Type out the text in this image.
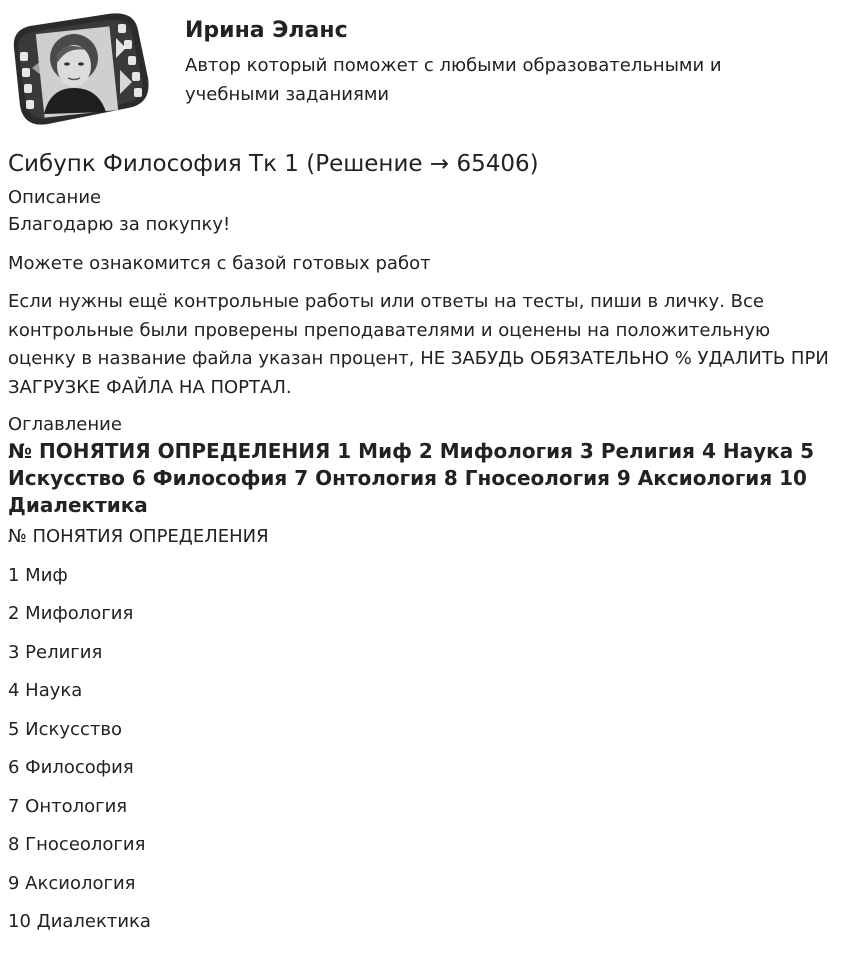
Ирина Эланс
Автор который поможет с любыми образовательными и учебными заданиями
Сибупк Философия Тк 1 (Решение → 65406)
Описание

Благодарю за покупку!

Можете ознакомится с базой готовых работ

Если нужны ещё контрольные работы или ответы на тесты, пиши в личку. Все контрольные были проверены преподавателями и оценены на положительную оценку в название файла указан процент, НЕ ЗАБУДЬ ОБЯЗАТЕЛЬНО % УДАЛИТЬ ПРИ ЗАГРУЗКЕ ФАЙЛА НА ПОРТАЛ.

Оглавление
№ ПОНЯТИЯ ОПРЕДЕЛЕНИЯ 1 Миф 2 Мифология 3 Религия 4 Наука 5 Искусство 6 Философия 7 Онтология 8 Гносеология 9 Аксиология 10 Диалектика

№ ПОНЯТИЯ ОПРЕДЕЛЕНИЯ

1 Миф

2 Мифология

3 Религия

4 Наука

5 Искусство

6 Философия

7 Онтология

8 Гносеология

9 Аксиология

10 Диалектика
